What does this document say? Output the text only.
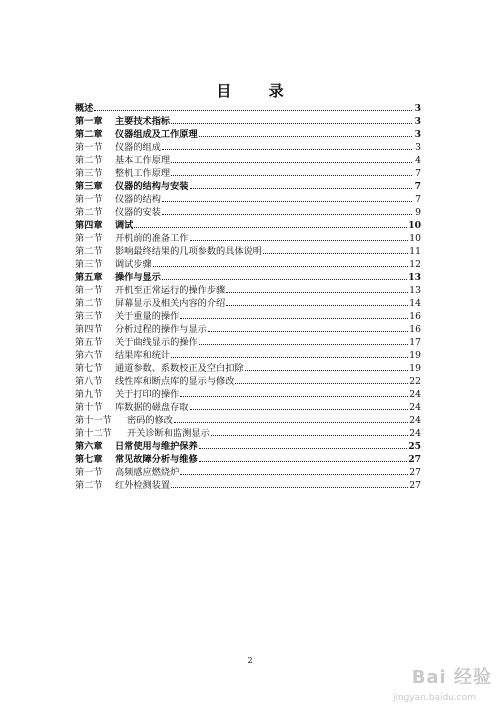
目 录
概述	3
第一章	主要技术指标	3
第二章	仪器组成及工作原理	3
第一节	仪器的组成	3
第二节	基本工作原理	4
第三节	整机工作原理	7
第三章	仪器的结构与安装	7
第一节	仪器的结构	7
第二节	仪器的安装	9
第四章	调试	10
第一节	开机前的准备工作	10
第二节	影响最终结果的几项参数的具体说明	11
第三节	调试步骤	12
第五章	操作与显示	13
第一节	开机至正常运行的操作步骤	13
第二节	屏幕显示及相关内容的介绍	14
第三节	关于重量的操作	16
第四节	分析过程的操作与显示	16
第五节	关于曲线显示的操作	17
第六节	结果库和统计	19
第七节	通道参数、系数校正及空白扣除	19
第八节	线性库和断点库的显示与修改	22
第九节	关于打印的操作	24
第十节	库数据的磁盘存取	24
第十一节	密码的修改	24
第十二节	开关诊断和监测显示	24
第六章	日常使用与维护保养	25
第七章	常见故障分析与维修	27
第一节	高频感应燃烧炉	27
第二节	红外检测装置	27
2
Bai 经验
jingyan.baidu.com
